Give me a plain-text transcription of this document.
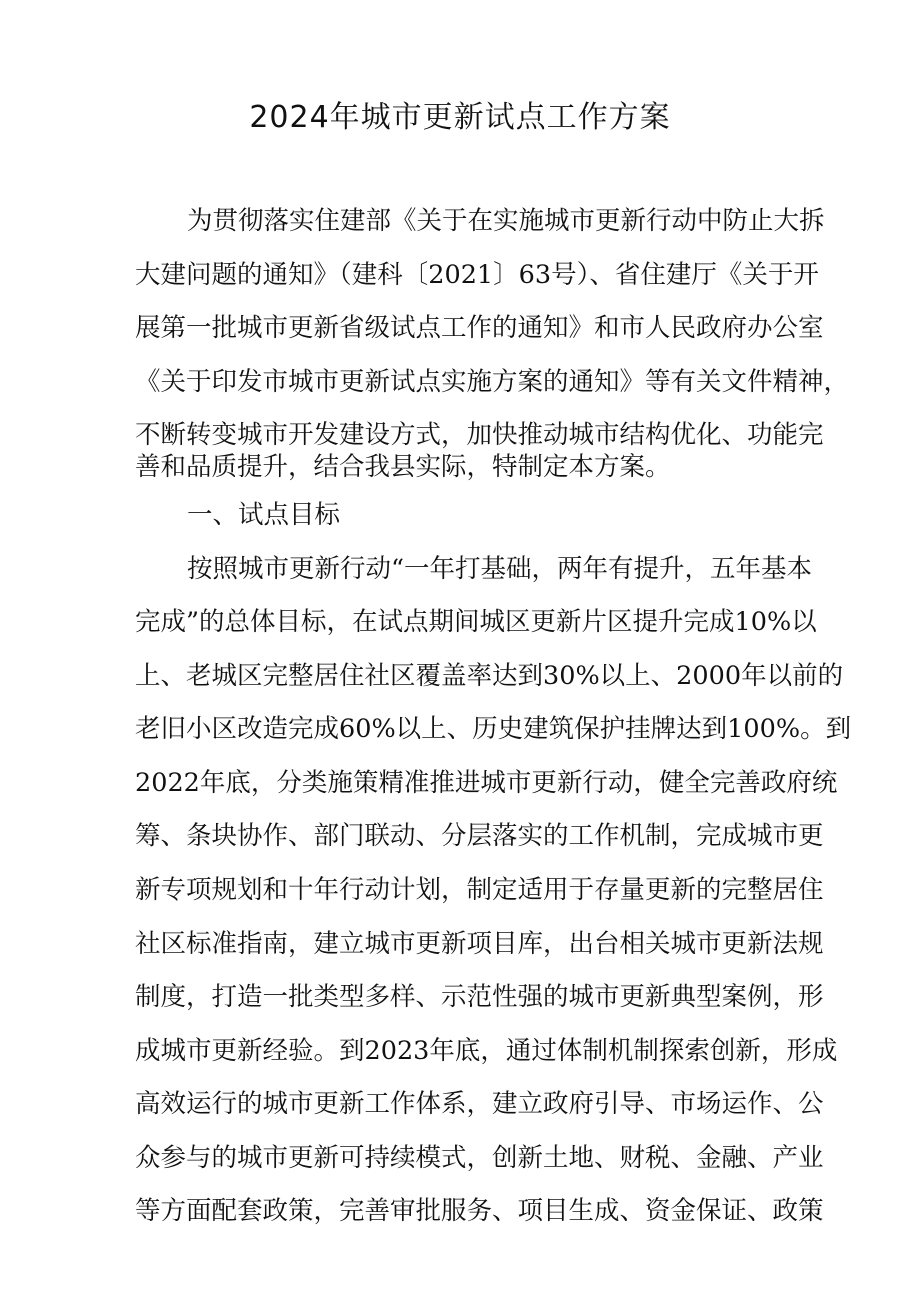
2024年城市更新试点工作方案
为贯彻落实住建部《关于在实施城市更新行动中防止大拆
大建问题的通知》（建科〔2021〕63号）、省住建厅《关于开
展第一批城市更新省级试点工作的通知》和市人民政府办公室
《关于印发市城市更新试点实施方案的通知》等有关文件精神，
不断转变城市开发建设方式，加快推动城市结构优化、功能完
善和品质提升，结合我县实际，特制定本方案。
一、试点目标
按照城市更新行动“一年打基础，两年有提升，五年基本
完成”的总体目标，在试点期间城区更新片区提升完成10%以
上、老城区完整居住社区覆盖率达到30%以上、2000年以前的
老旧小区改造完成60%以上、历史建筑保护挂牌达到100%。到
2022年底，分类施策精准推进城市更新行动，健全完善政府统
筹、条块协作、部门联动、分层落实的工作机制，完成城市更
新专项规划和十年行动计划，制定适用于存量更新的完整居住
社区标准指南，建立城市更新项目库，出台相关城市更新法规
制度，打造一批类型多样、示范性强的城市更新典型案例，形
成城市更新经验。到2023年底，通过体制机制探索创新，形成
高效运行的城市更新工作体系，建立政府引导、市场运作、公
众参与的城市更新可持续模式，创新土地、财税、金融、产业
等方面配套政策，完善审批服务、项目生成、资金保证、政策
